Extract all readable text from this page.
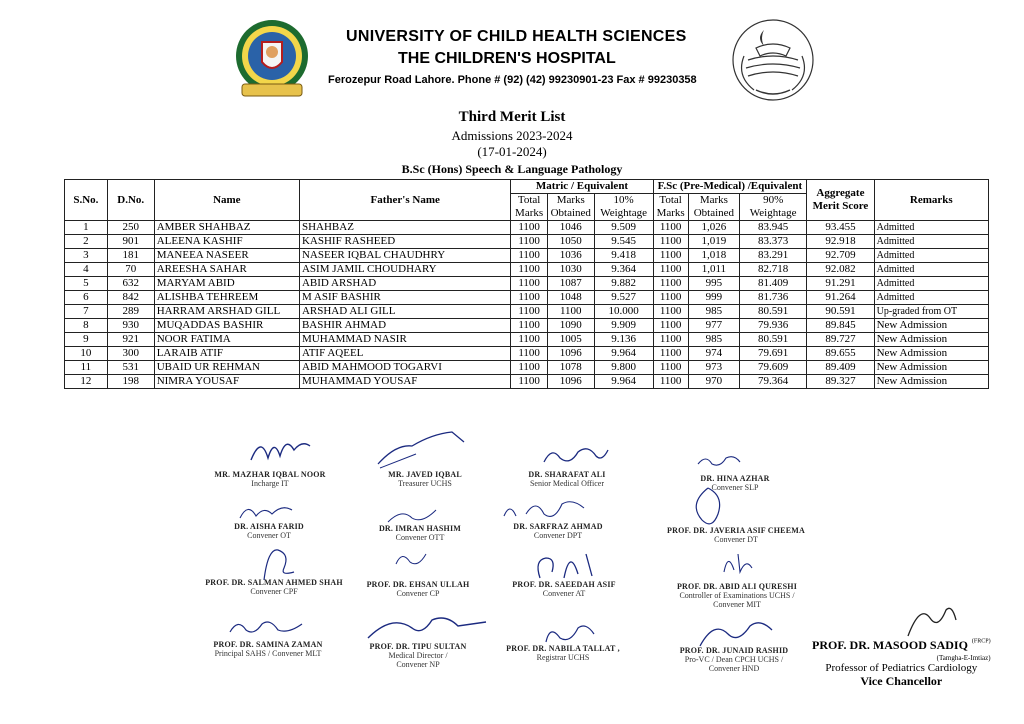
UNIVERSITY OF CHILD HEALTH SCIENCES
THE CHILDREN'S HOSPITAL
Ferozepur Road Lahore. Phone # (92) (42) 99230901-23 Fax # 99230358
Third Merit List
Admissions 2023-2024
(17-01-2024)
B.Sc (Hons) Speech & Language Pathology
S.No.	D.No.	Name	Father's Name	Matric / Equivalent			F.Sc (Pre-Medical) /Equivalent			Aggregate Merit Score	Remarks
				Total Marks	Marks Obtained	10% Weightage	Total Marks	Marks Obtained	90% Weightage		
1	250	AMBER SHAHBAZ	SHAHBAZ	1100	1046	9.509	1100	1,026	83.945	93.455	Admitted
2	901	ALEENA KASHIF	KASHIF RASHEED	1100	1050	9.545	1100	1,019	83.373	92.918	Admitted
3	181	MANEEA NASEER	NASEER IQBAL CHAUDHRY	1100	1036	9.418	1100	1,018	83.291	92.709	Admitted
4	70	AREESHA SAHAR	ASIM JAMIL CHOUDHARY	1100	1030	9.364	1100	1,011	82.718	92.082	Admitted
5	632	MARYAM ABID	ABID ARSHAD	1100	1087	9.882	1100	995	81.409	91.291	Admitted
6	842	ALISHBA TEHREEM	M ASIF BASHIR	1100	1048	9.527	1100	999	81.736	91.264	Admitted
7	289	HARRAM ARSHAD GILL	ARSHAD ALI GILL	1100	1100	10.000	1100	985	80.591	90.591	Up-graded from OT
8	930	MUQADDAS BASHIR	BASHIR AHMAD	1100	1090	9.909	1100	977	79.936	89.845	New Admission
9	921	NOOR FATIMA	MUHAMMAD NASIR	1100	1005	9.136	1100	985	80.591	89.727	New Admission
10	300	LARAIB ATIF	ATIF AQEEL	1100	1096	9.964	1100	974	79.691	89.655	New Admission
11	531	UBAID UR REHMAN	ABID MAHMOOD TOGARVI	1100	1078	9.800	1100	973	79.609	89.409	New Admission
12	198	NIMRA YOUSAF	MUHAMMAD YOUSAF	1100	1096	9.964	1100	970	79.364	89.327	New Admission
MR. MAZHAR IQBAL NOOR
Incharge IT
MR. JAVED IQBAL
Treasurer UCHS
DR. SHARAFAT ALI
Senior Medical Officer
DR. HINA AZHAR
Convener SLP
DR. AISHA FARID
Convener OT
DR. IMRAN HASHIM
Convener OTT
DR. SARFRAZ AHMAD
Convener DPT
PROF. DR. JAVERIA ASIF CHEEMA
Convener DT
PROF. DR. SALMAN AHMED SHAH
Convener CPF
PROF. DR. EHSAN ULLAH
Convener CP
PROF. DR. SAEEDAH ASIF
Convener AT
PROF. DR. ABID ALI QURESHI
Controller of Examinations UCHS /
Convener MIT
PROF. DR. SAMINA ZAMAN
Principal SAHS / Convener MLT
PROF. DR. TIPU SULTAN
Medical Director /
Convener NP
PROF. DR. NABILA TALLAT ,
Registrar UCHS
PROF. DR. JUNAID RASHID
Pro-VC / Dean CPCH UCHS /
Convener HND
PROF. DR. MASOOD SADIQ $^{(FRCP)}$
(Tamgha-E-Imtiaz)
Professor of Pediatrics Cardiology
Vice Chancellor
